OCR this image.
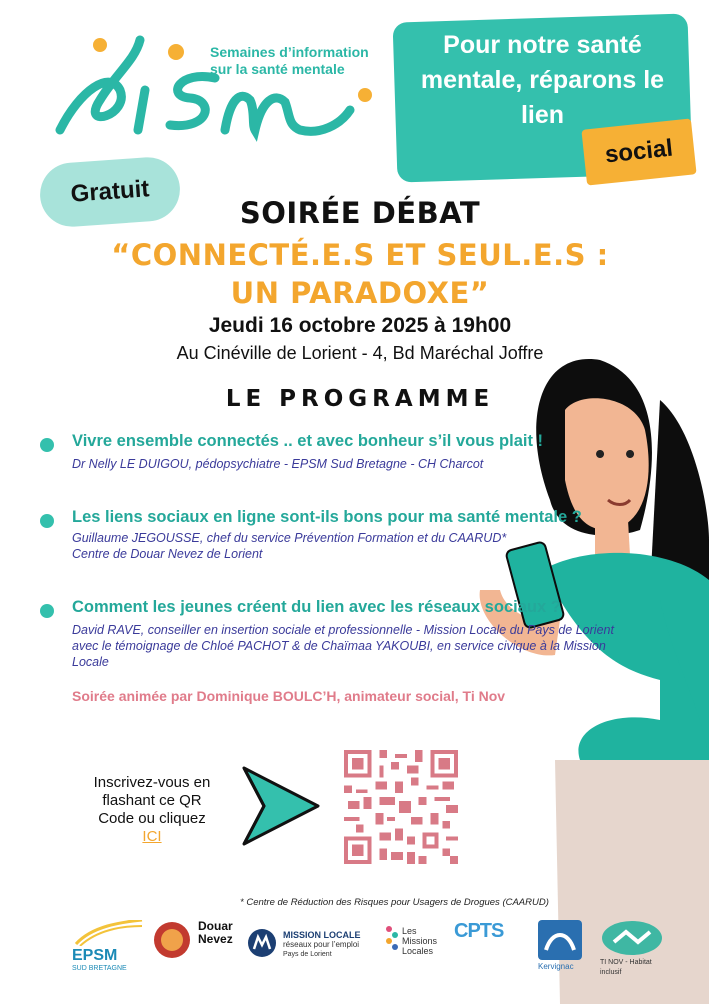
Semaines d’information sur la santé mentale
Pour notre santé mentale, réparons le lien
social
Gratuit
SOIRÉE DÉBAT
“CONNECTÉ.E.S ET SEUL.E.S : UN PARADOXE”
Jeudi 16 octobre 2025 à 19h00
Au Cinéville de Lorient - 4, Bd Maréchal Joffre
LE PROGRAMME
Vivre ensemble connectés .. et avec bonheur s’il vous plait !
Dr Nelly LE DUIGOU, pédopsychiatre - EPSM Sud Bretagne - CH Charcot
Les liens sociaux en ligne sont-ils bons pour ma santé mentale ?
Guillaume JEGOUSSE, chef du service Prévention Formation et du CAARUD*
Centre de Douar Nevez de Lorient
Comment les jeunes créent du lien avec les réseaux sociaux ?
David RAVE, conseiller en insertion sociale et professionnelle - Mission Locale du Pays de Lorient
avec le témoignage de Chloé PACHOT & de Chaïmaa YAKOUBI, en service civique à la Mission
Locale
Soirée animée par Dominique BOULC’H, animateur social, Ti Nov
Inscrivez-vous en flashant ce QR Code ou cliquez ICI
* Centre de Réduction des Risques pour Usagers de Drogues (CAARUD)
EPSM
SUD BRETAGNE
Douar Nevez	MISSION LOCALE
réseaux pour l’emploi
Pays de Lorient
Les Missions Locales
CPTS
Kervignac	TI NOV - Habitat inclusif
